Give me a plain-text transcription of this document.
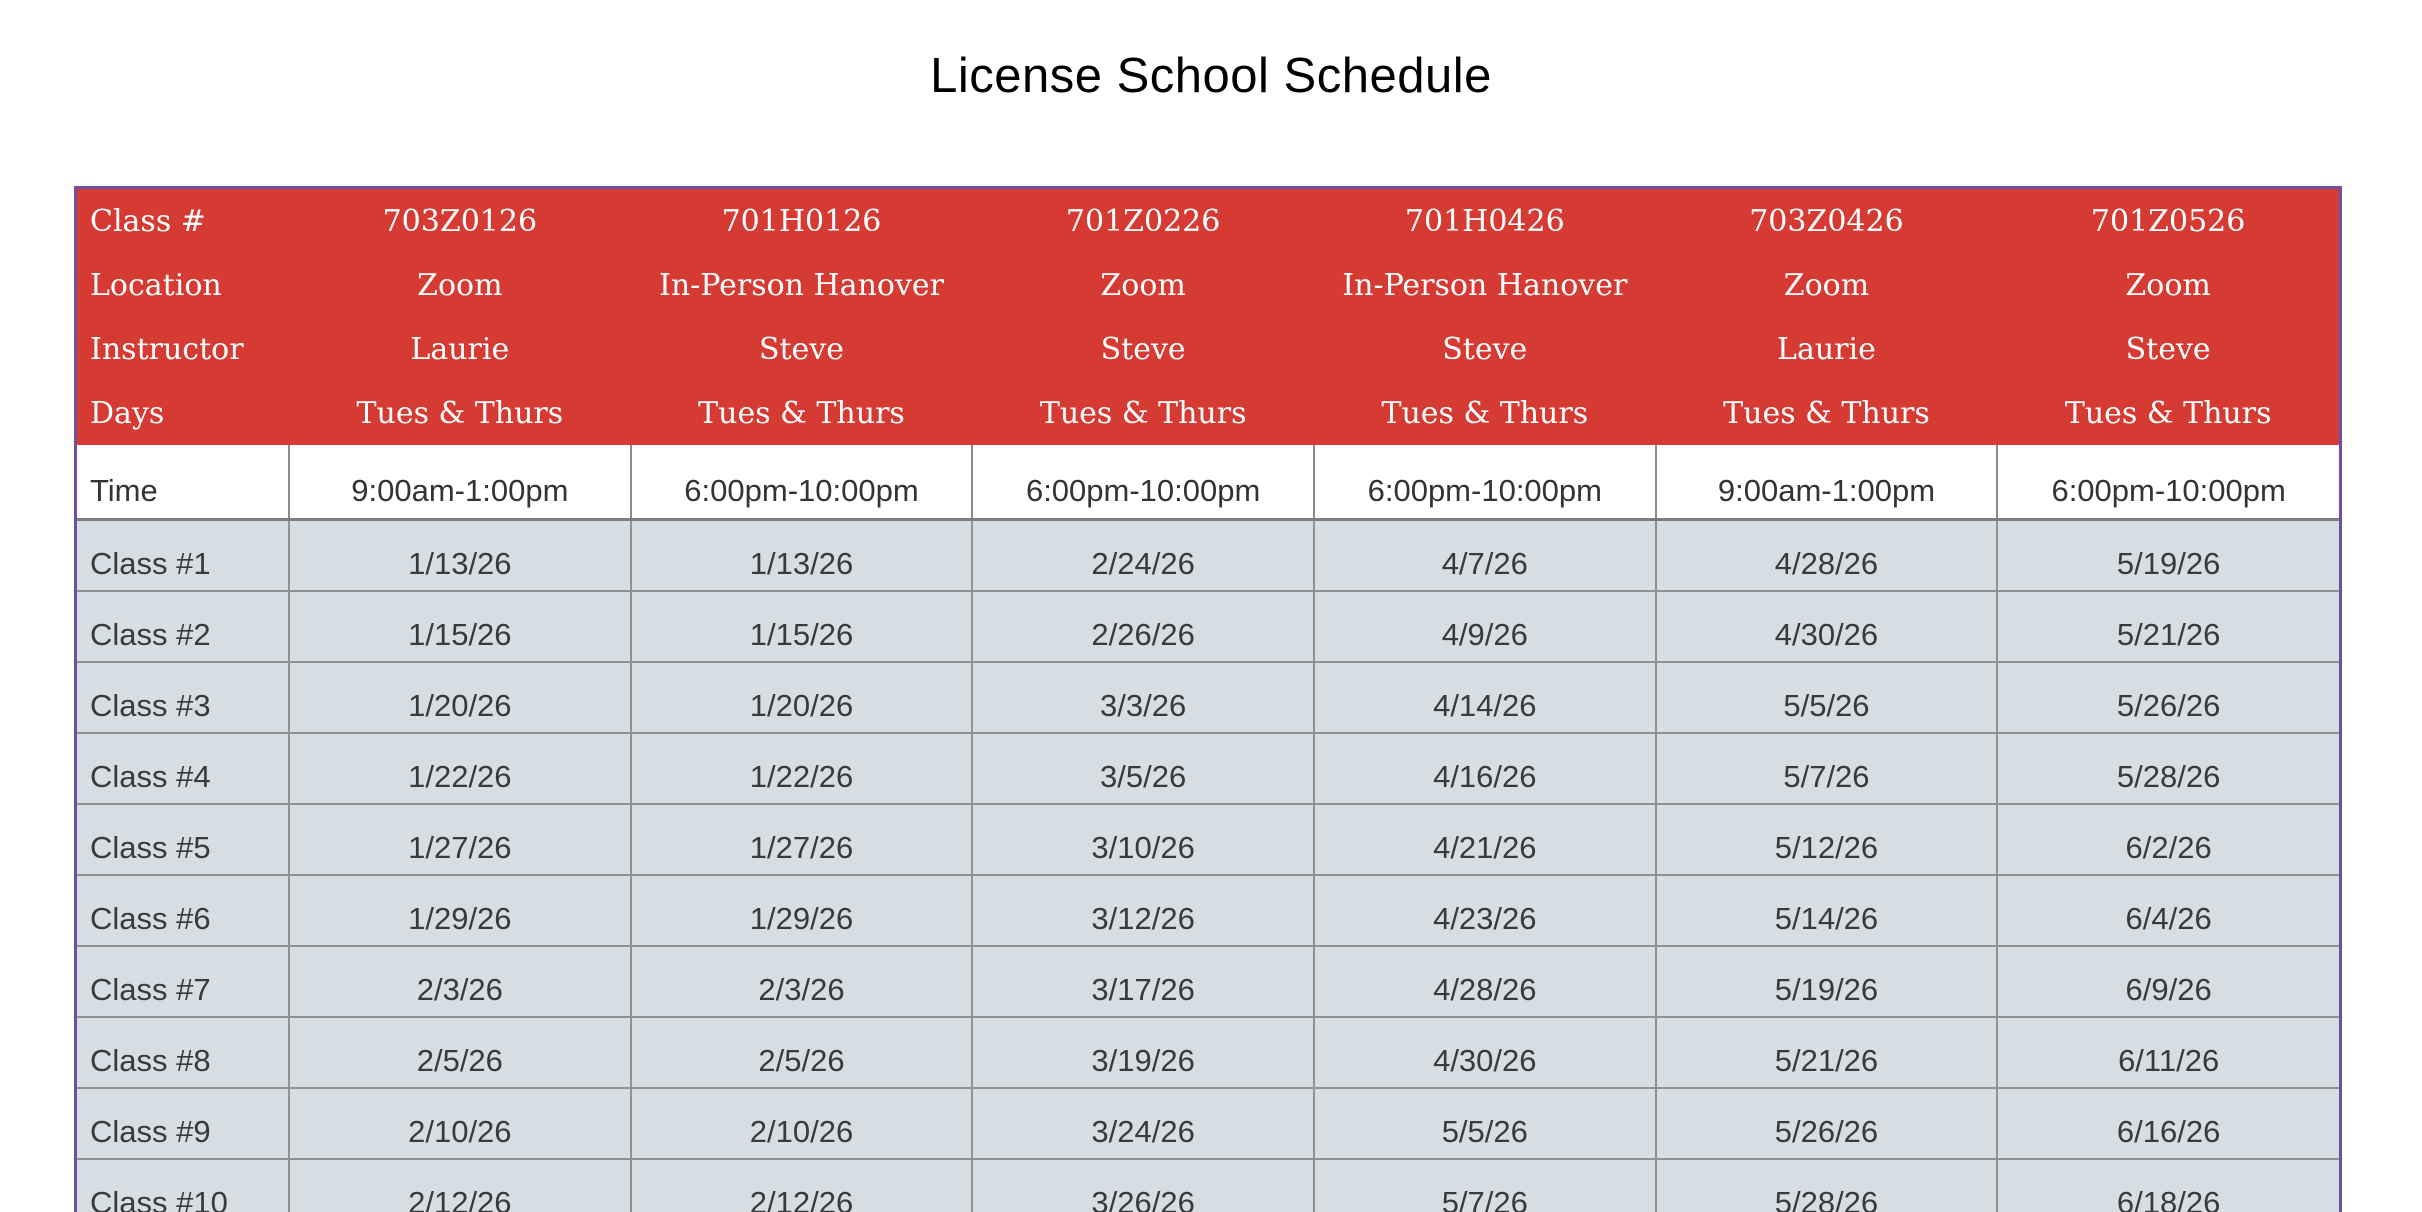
License School Schedule
Class #	703Z0126	701H0126	701Z0226	701H0426	703Z0426	701Z0526
Location	Zoom	In-Person Hanover	Zoom	In-Person Hanover	Zoom	Zoom
Instructor	Laurie	Steve	Steve	Steve	Laurie	Steve
Days	Tues & Thurs	Tues & Thurs	Tues & Thurs	Tues & Thurs	Tues & Thurs	Tues & Thurs
Time	9:00am-1:00pm	6:00pm-10:00pm	6:00pm-10:00pm	6:00pm-10:00pm	9:00am-1:00pm	6:00pm-10:00pm
Class #1	1/13/26	1/13/26	2/24/26	4/7/26	4/28/26	5/19/26
Class #2	1/15/26	1/15/26	2/26/26	4/9/26	4/30/26	5/21/26
Class #3	1/20/26	1/20/26	3/3/26	4/14/26	5/5/26	5/26/26
Class #4	1/22/26	1/22/26	3/5/26	4/16/26	5/7/26	5/28/26
Class #5	1/27/26	1/27/26	3/10/26	4/21/26	5/12/26	6/2/26
Class #6	1/29/26	1/29/26	3/12/26	4/23/26	5/14/26	6/4/26
Class #7	2/3/26	2/3/26	3/17/26	4/28/26	5/19/26	6/9/26
Class #8	2/5/26	2/5/26	3/19/26	4/30/26	5/21/26	6/11/26
Class #9	2/10/26	2/10/26	3/24/26	5/5/26	5/26/26	6/16/26
Class #10	2/12/26	2/12/26	3/26/26	5/7/26	5/28/26	6/18/26
